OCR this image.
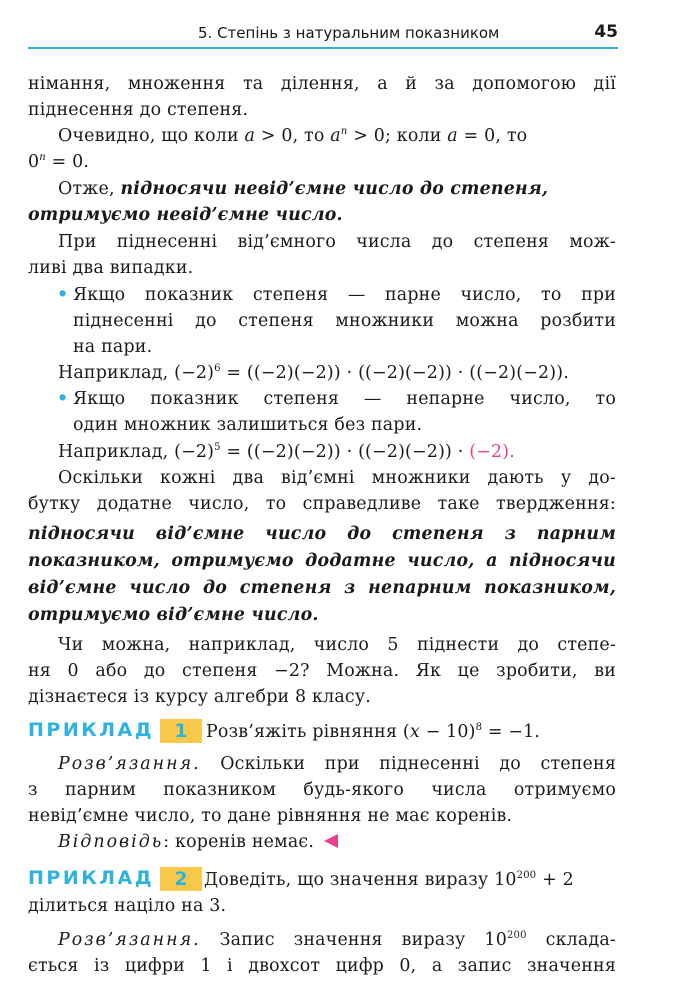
5. Степінь з натуральним показником	45
німання, множення та ділення, а й за допомогою дії
піднесення до степеня.
Очевидно, що коли a > 0, то $a^n > 0$; коли a = 0, то
$0^n = 0$.
Отже, підносячи невід’ємне число до степеня,
отримуємо невід’ємне число.
При піднесенні від’ємного числа до степеня мож-
ливі два випадки.
• Якщо показник степеня — парне число, то при
піднесенні до степеня множники можна розбити
на пари.
Наприклад, $(-2)^6 = ((-2)(-2)) \cdot ((-2)(-2)) \cdot ((-2)(-2))$.
• Якщо показник степеня — непарне число, то
один множник залишиться без пари.
Наприклад, $(-2)^5 = ((-2)(-2)) \cdot ((-2)(-2)) \cdot (-2)$.
Оскільки кожні два від’ємні множники дають у до-
бутку додатне число, то справедливе таке твердження:
підносячи від’ємне число до степеня з парним
показником, отримуємо додатне число, а підносячи
від’ємне число до степеня з непарним показником,
отримуємо від’ємне число.
Чи можна, наприклад, число 5 піднести до степе-
ня 0 або до степеня −2? Можна. Як це зробити, ви
дізнаєтеся із курсу алгебри 8 класу.
ПРИКЛАД	1	Розв’яжіть рівняння $(x - 10)^8 = -1$.
Розв’язання. Оскільки при піднесенні до степеня
з парним показником будь-якого числа отримуємо
невід’ємне число, то дане рівняння не має коренів.
Відповідь: коренів немає.
ПРИКЛАД	2 Доведіть, що значення виразу $10^{200} + 2$
ділиться націло на 3.
Розв’язання. Запис значення виразу $10^{200}$ склада-
ється із цифри 1 і двохсот цифр 0, а запис значення
